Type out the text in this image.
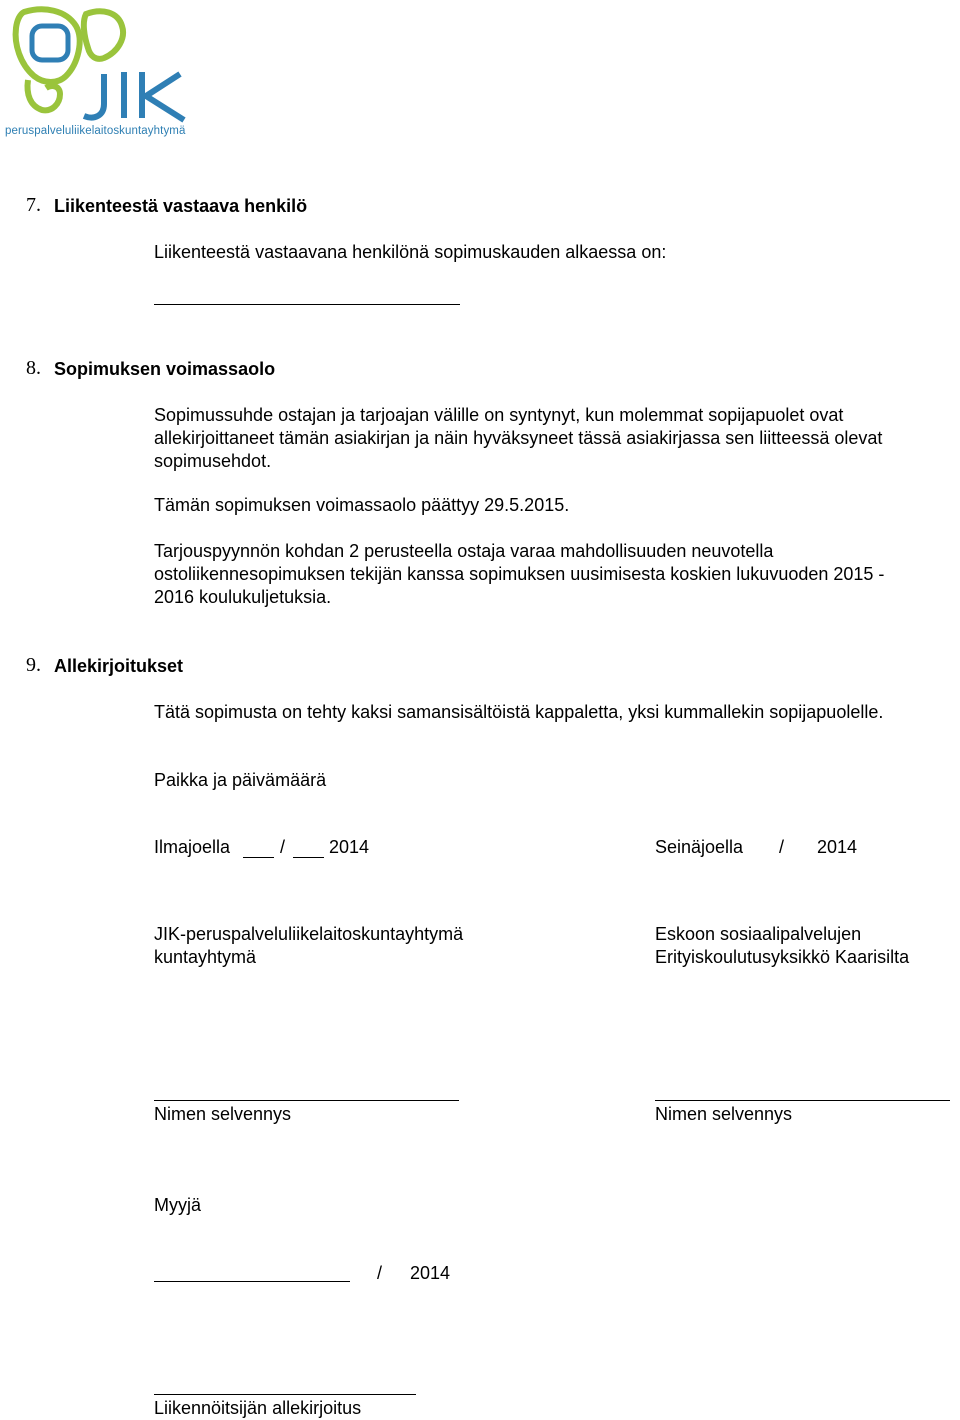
peruspalveluliikelaitoskuntayhtymä
7. Liikenteestä vastaava henkilö
Liikenteestä vastaavana henkilönä sopimuskauden alkaessa on:
8. Sopimuksen voimassaolo
Sopimussuhde ostajan ja tarjoajan välille on syntynyt, kun molemmat sopijapuolet ovat
allekirjoittaneet tämän asiakirjan ja näin hyväksyneet tässä asiakirjassa sen liitteessä olevat
sopimusehdot.
Tämän sopimuksen voimassaolo päättyy 29.5.2015.
Tarjouspyynnön kohdan 2 perusteella ostaja varaa mahdollisuuden neuvotella
ostoliikennesopimuksen tekijän kanssa sopimuksen uusimisesta koskien lukuvuoden 2015 -
2016 koulukuljetuksia.
9. Allekirjoitukset
Tätä sopimusta on tehty kaksi samansisältöistä kappaletta, yksi kummallekin sopijapuolelle.
Paikka ja päivämäärä
Ilmajoella	/ 2014	Seinäjoella / 2014
JIK-peruspalveluliikelaitoskuntayhtymä
kuntayhtymä
Eskoon sosiaalipalvelujen
Erityiskoulutusyksikkö Kaarisilta
Nimen selvennys	Nimen selvennys
Myyjä
/ 2014
Liikennöitsijän allekirjoitus
